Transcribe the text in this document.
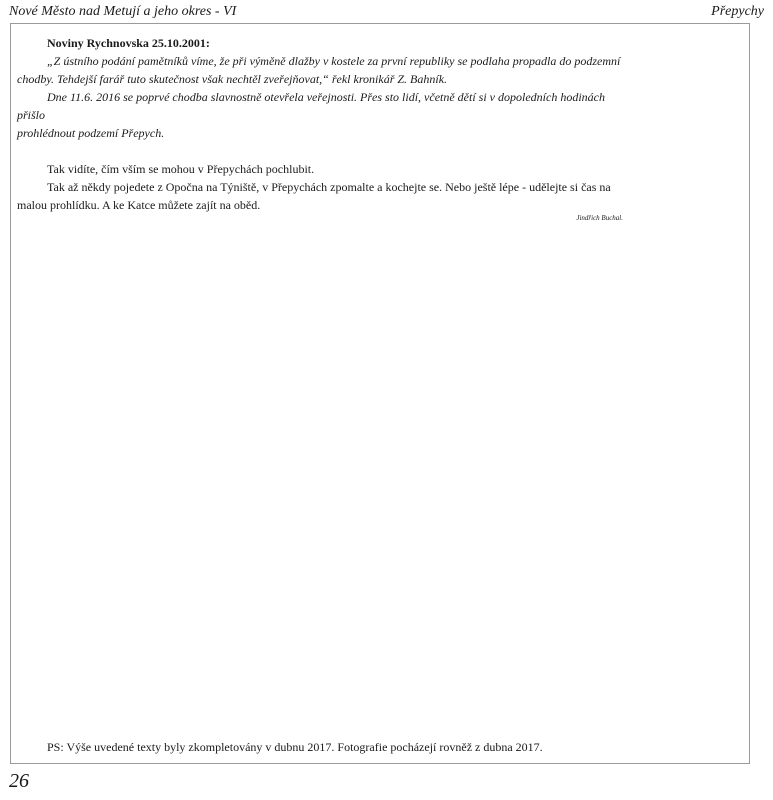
Nové Město nad Metují a jeho okres - VI	Přepychy

Noviny Rychnovska 25.10.2001:

„Z ústního podání pamětníků víme, že při výměně dlažby v kostele za první republiky se podlaha propadla do podzemní

chodby. Tehdejší farář tuto skutečnost však nechtěl zveřejňovat,“ řekl kronikář Z. Bahník.

Dne 11.6. 2016 se poprvé chodba slavnostně otevřela veřejnosti. Přes sto lidí, včetně dětí si v dopoledních hodinách přišlo

prohlédnout podzemí Přepych.

Tak vidíte, čím vším se mohou v Přepychách pochlubit.

Tak až někdy pojedete z Opočna na Týniště, v Přepychách zpomalte a kochejte se. Nebo ještě lépe - udělejte si čas na

malou prohlídku. A ke Katce můžete zajít na oběd.

Jindřich Buchal.

PS: Výše uvedené texty byly zkompletovány v dubnu 2017. Fotografie pocházejí rovněž z dubna 2017.
26
